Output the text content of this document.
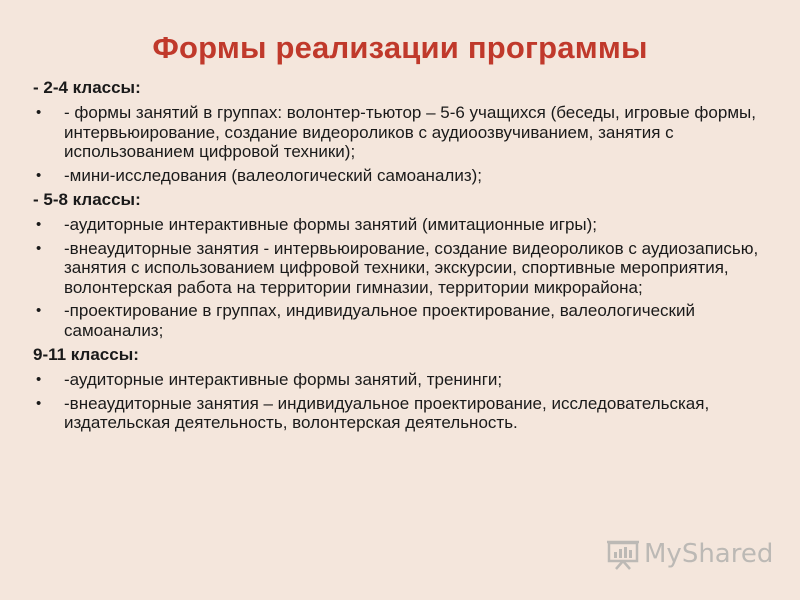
Формы реализации программы
- 2-4 классы:
• - формы занятий в группах: волонтер-тьютор – 5-6 учащихся (беседы, игровые формы, интервьюирование, создание видеороликов с аудиоозвучиванием, занятия с использованием цифровой техники);
• -мини-исследования (валеологический самоанализ);
- 5-8 классы:
• -аудиторные интерактивные формы занятий (имитационные игры);
• -внеаудиторные занятия - интервьюирование, создание видеороликов с аудиозаписью, занятия с использованием цифровой техники, экскурсии, спортивные мероприятия, волонтерская работа на территории гимназии, территории микрорайона;
• -проектирование в группах, индивидуальное проектирование, валеологический самоанализ;
9-11 классы:
• -аудиторные интерактивные формы занятий, тренинги;
• -внеаудиторные занятия – индивидуальное проектирование, исследовательская, издательская деятельность, волонтерская деятельность.
MyShared
